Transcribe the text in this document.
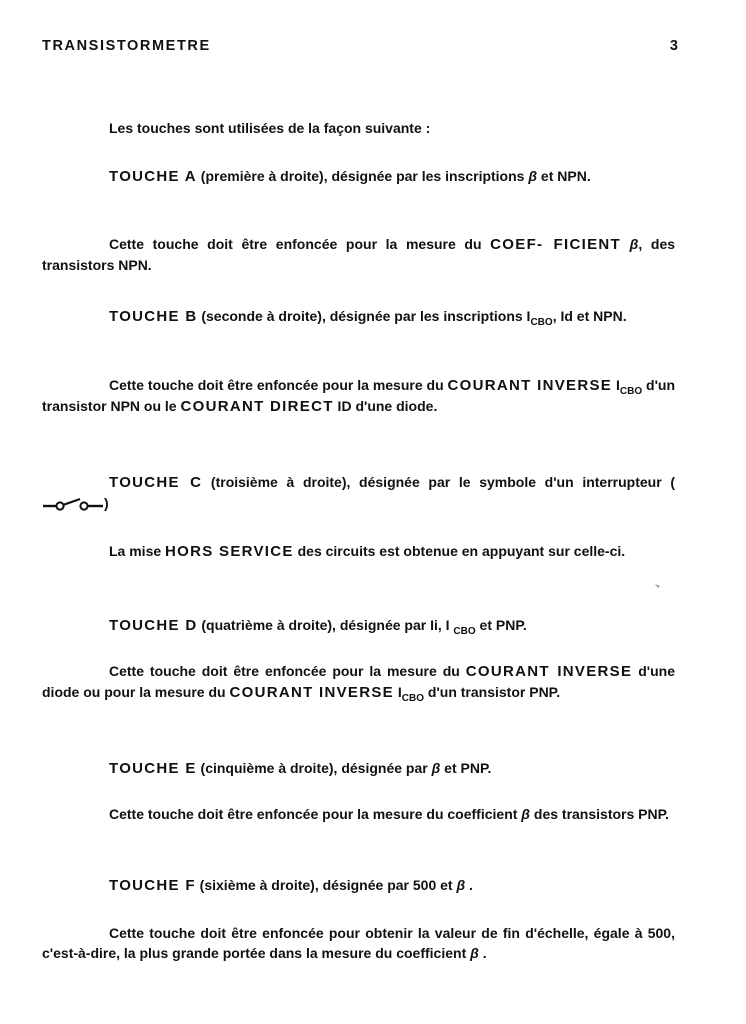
TRANSISTORMETRE	3

Les touches sont utilisées de la façon suivante :

TOUCHE A (première à droite), désignée par les inscriptions β et NPN.

Cette touche doit être enfoncée pour la mesure du COEF- FICIENT β, des transistors NPN.

TOUCHE B (seconde à droite), désignée par les inscriptions $I_{CBO}$, Id et NPN.

Cette touche doit être enfoncée pour la mesure du COURANT INVERSE $I_{CBO}$ d'un transistor NPN ou le COURANT DIRECT ID d'une diode.

TOUCHE C (troisième à droite), désignée par le symbole d'un interrupteur ()

La mise HORS SERVICE des circuits est obtenue en appuyant sur celle-ci.

TOUCHE D (quatrième à droite), désignée par Ii, I $_{CBO}$ et PNP.

Cette touche doit être enfoncée pour la mesure du COURANT INVERSE d'une diode ou pour la mesure du COURANT INVERSE $I_{CBO}$ d'un transistor PNP.

TOUCHE E (cinquième à droite), désignée par β et PNP.

Cette touche doit être enfoncée pour la mesure du coefficient β des transistors PNP.

TOUCHE F (sixième à droite), désignée par 500 et β .

Cette touche doit être enfoncée pour obtenir la valeur de fin d'échelle, égale à 500, c'est-à-dire, la plus grande portée dans la mesure du coefficient β .
